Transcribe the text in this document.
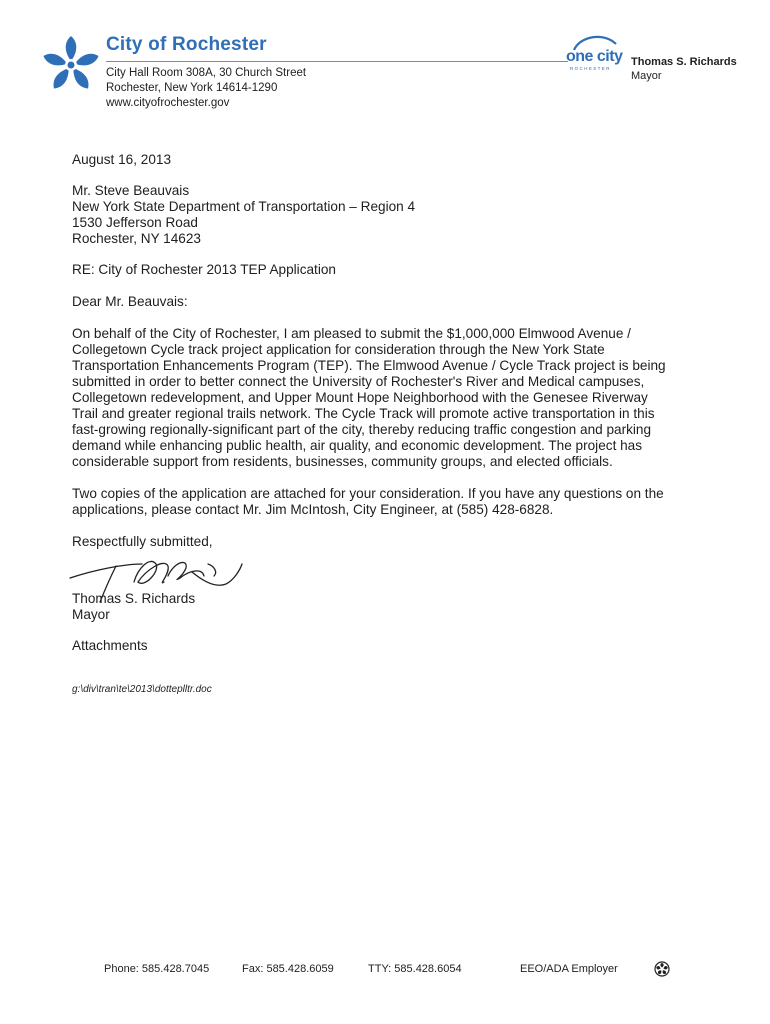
City of Rochester
City Hall Room 308A, 30 Church Street
Rochester, New York 14614-1290
www.cityofrochester.gov
one city
ROCHESTER
Thomas S. Richards
Mayor

August 16, 2013

Mr. Steve Beauvais
New York State Department of Transportation – Region 4
1530 Jefferson Road
Rochester, NY 14623

RE: City of Rochester 2013 TEP Application

Dear Mr. Beauvais:

On behalf of the City of Rochester, I am pleased to submit the $1,000,000 Elmwood Avenue / Collegetown Cycle track project application for consideration through the New York State Transportation Enhancements Program (TEP). The Elmwood Avenue / Cycle Track project is being submitted in order to better connect the University of Rochester's River and Medical campuses, Collegetown redevelopment, and Upper Mount Hope Neighborhood with the Genesee Riverway Trail and greater regional trails network. The Cycle Track will promote active transportation in this fast-growing regionally-significant part of the city, thereby reducing traffic congestion and parking demand while enhancing public health, air quality, and economic development. The project has considerable support from residents, businesses, community groups, and elected officials.

Two copies of the application are attached for your consideration. If you have any questions on the applications, please contact Mr. Jim McIntosh, City Engineer, at (585) 428-6828.

Respectfully submitted,

Thomas S. Richards
Mayor
Attachments
g:\div\tran\te\2013\dotteplltr.doc
Phone: 585.428.7045	Fax: 585.428.6059	TTY: 585.428.6054	EEO/ADA Employer
